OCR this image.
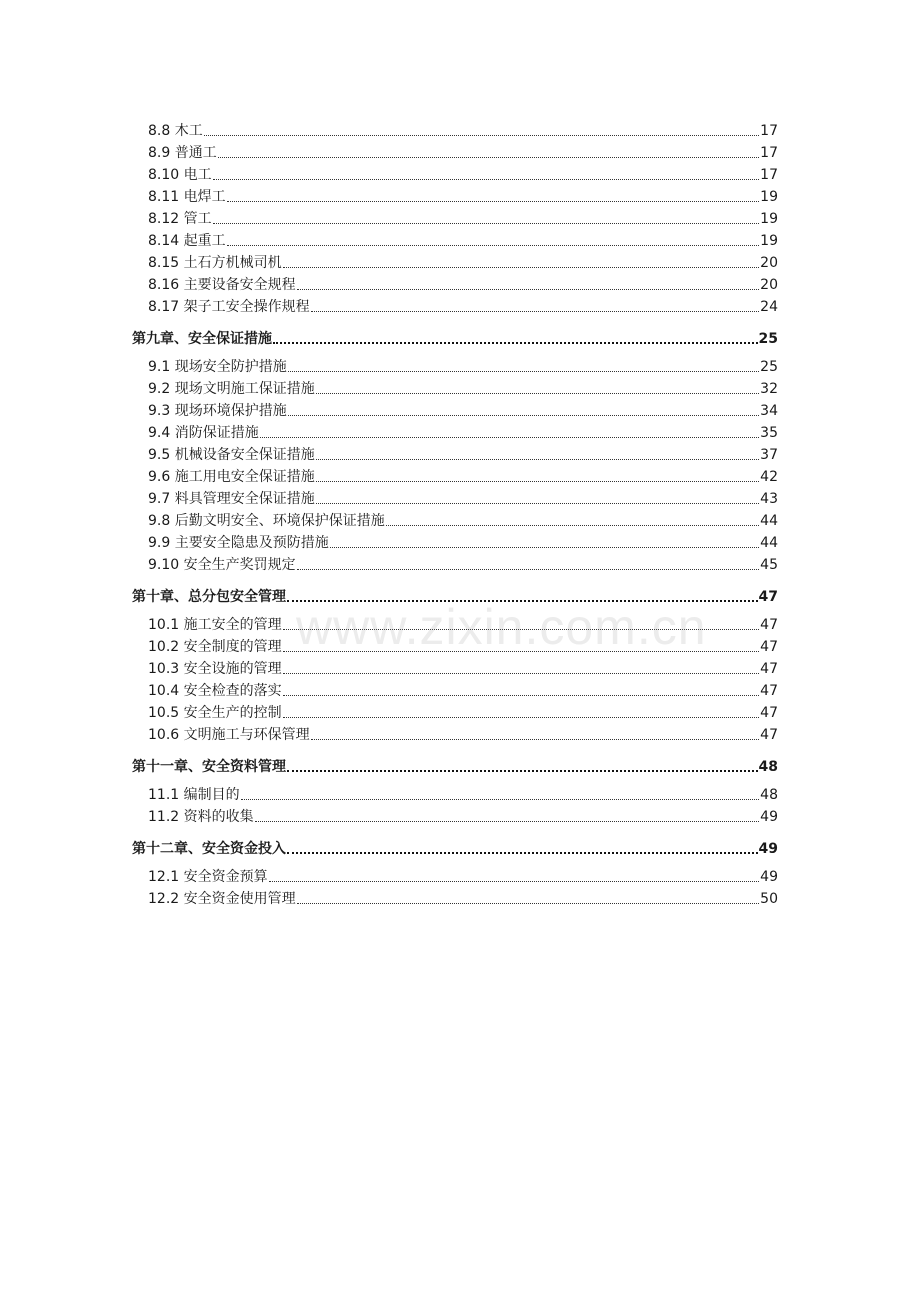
8.8 木工	17
8.9 普通工	17
8.10 电工	17
8.11 电焊工	19
8.12 管工	19
8.14 起重工	19
8.15 土石方机械司机	20
8.16 主要设备安全规程	20
8.17 架子工安全操作规程	24
第九章、安全保证措施	25
9.1 现场安全防护措施	25
9.2 现场文明施工保证措施	32
9.3 现场环境保护措施	34
9.4 消防保证措施	35
9.5 机械设备安全保证措施	37
9.6 施工用电安全保证措施	42
9.7 料具管理安全保证措施	43
9.8 后勤文明安全、环境保护保证措施	44
9.9 主要安全隐患及预防措施	44
9.10 安全生产奖罚规定	45
第十章、总分包安全管理	47
10.1 施工安全的管理	47
10.2 安全制度的管理	47
10.3 安全设施的管理	47
10.4 安全检查的落实	47
10.5 安全生产的控制	47
10.6 文明施工与环保管理	47
第十一章、安全资料管理	48
11.1 编制目的	48
11.2 资料的收集	49
第十二章、安全资金投入	49
12.1 安全资金预算	49
12.2 安全资金使用管理	50
www.zixin.com.cn
